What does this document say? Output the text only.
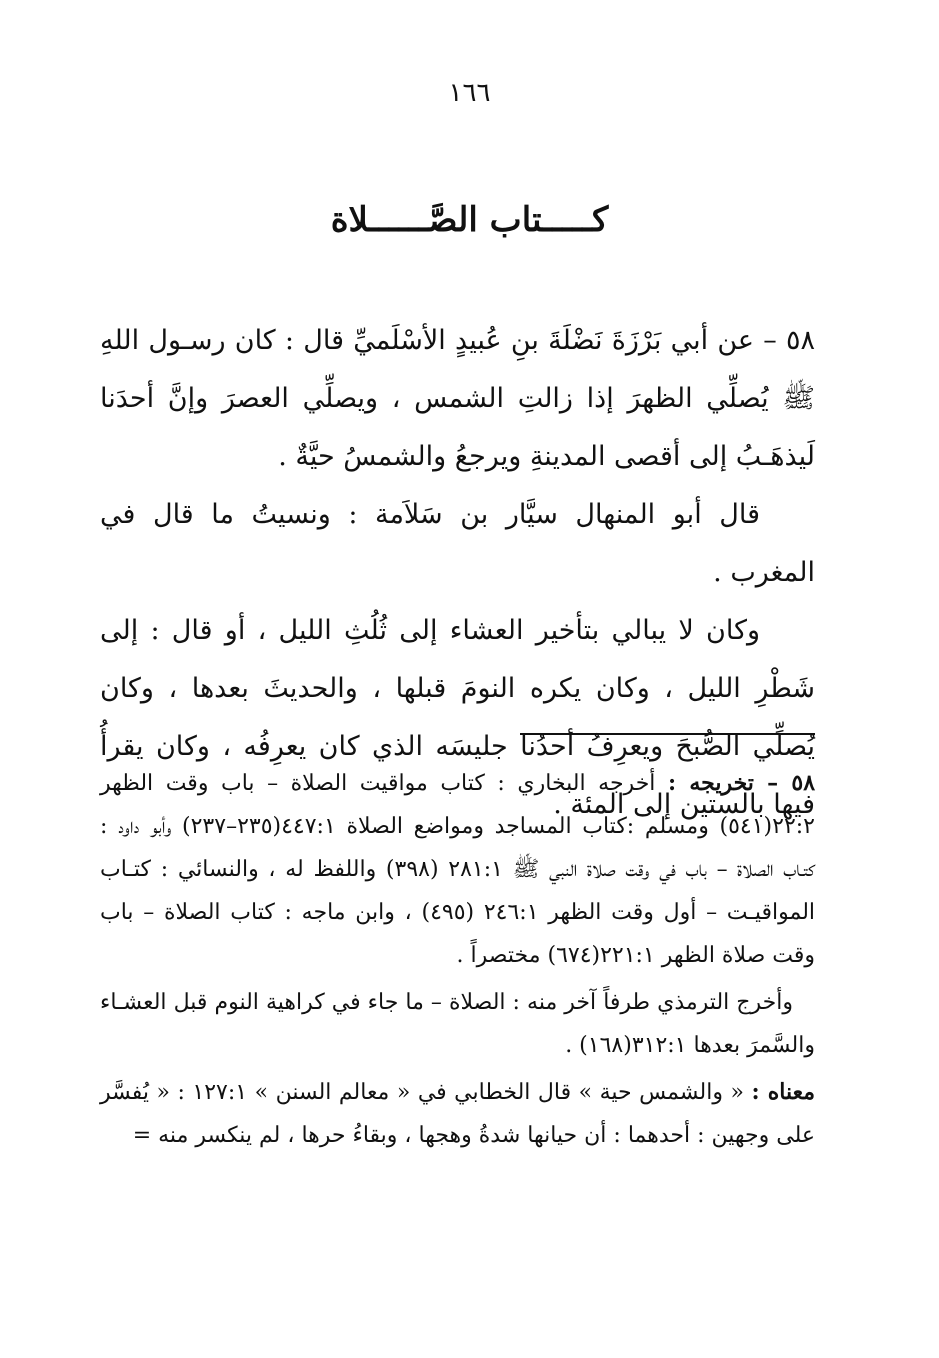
١٦٦
كـــــتاب الصَّــــــلاة

٥٨ – عن أبي بَرْزَةَ نَضْلَةَ بنِ عُبيدٍ الأسْلَميِّ قال : كان رسـول اللهِ ﷺ يُصلِّي الظهرَ إذا زالتِ الشمس ، ويصلِّي العصرَ وإنَّ أحدَنا لَيذهَـبُ إلى أقصى المدينةِ ويرجعُ والشمسُ حيَّةٌ .

قال أبو المنهال سيَّار بن سَلاَمة : ونسيتُ ما قال في المغرب .

وكان لا يبالي بتأخير العشاء إلى ثُلُثِ الليل ، أو قال : إلى شَطْرِ الليل ، وكان يكره النومَ قبلها ، والحديثَ بعدها ، وكان يُصلِّي الصُّبحَ ويعرِفُ أحدُنا جليسَه الذي كان يعرِفُه ، وكان يقرأُ فيها بالستين إلى المئة .

٥٨ – تخريجه : أخرجه البخاري : كتاب مواقيت الصلاة – باب وقت الظهر ٢٢:٢(٥٤١) ومسلم :كتاب المساجد ومواضع الصلاة ٤٤٧:١(٢٣٥–٢٣٧) وأبو داود : كتـاب الصلاة – باب في وقت صلاة النبي ﷺ ٢٨١:١ (٣٩٨) واللفظ له ، والنسائي : كتـاب المواقيـت – أول وقت الظهر ٢٤٦:١ (٤٩٥) ، وابن ماجه : كتاب الصلاة – باب وقت صلاة الظهر ٢٢١:١(٦٧٤) مختصراً .

وأخرج الترمذي طرفاً آخر منه : الصلاة – ما جاء في كراهية النوم قبل العشـاء والسَّمرَ بعدها ٣١٢:١(١٦٨) .

معناه : « والشمس حية » قال الخطابي في « معالم السنن » ١٢٧:١ : « يُفسَّر على وجهين : أحدهما : أن حيانها شدةُ وهجها ، وبقاءُ حرها ، لم ينكسر منه =
